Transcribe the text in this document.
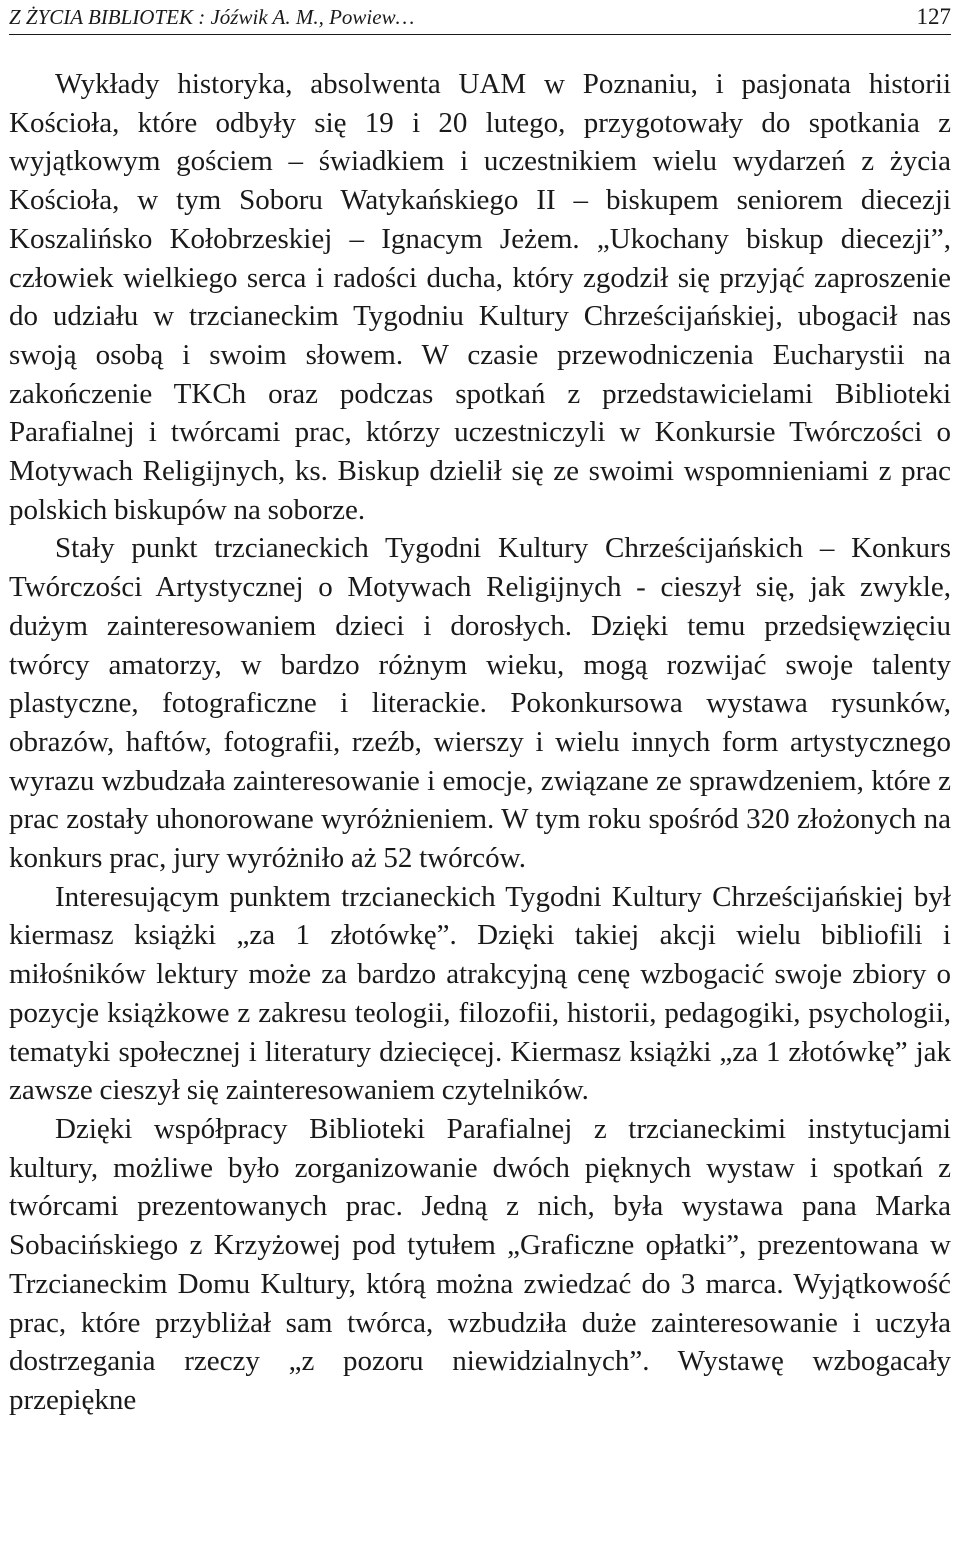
Z ŻYCIA BIBLIOTEK : Jóźwik A. M., Powiew…	127

Wykłady historyka, absolwenta UAM w Poznaniu, i pasjonata historii Kościoła, które odbyły się 19 i 20 lutego, przygotowały do spotkania z wyjątkowym gościem – świadkiem i uczestnikiem wielu wydarzeń z życia Kościoła, w tym Soboru Watykańskiego II – biskupem seniorem diecezji Koszalińsko Kołobrzeskiej – Ignacym Jeżem. „Ukochany biskup diecezji”, człowiek wielkiego serca i radości ducha, który zgodził się przyjąć zaproszenie do udziału w trzcianeckim Tygodniu Kultury Chrześcijańskiej, ubogacił nas swoją osobą i swoim słowem. W czasie przewodniczenia Eucharystii na zakończenie TKCh oraz podczas spotkań z przedstawicielami Biblioteki Parafialnej i twórcami prac, którzy uczestniczyli w Konkursie Twórczości o Motywach Religijnych, ks. Biskup dzielił się ze swoimi wspomnieniami z prac polskich biskupów na soborze.

Stały punkt trzcianeckich Tygodni Kultury Chrześcijańskich – Konkurs Twórczości Artystycznej o Motywach Religijnych - cieszył się, jak zwykle, dużym zainteresowaniem dzieci i dorosłych. Dzięki temu przedsięwzięciu twórcy amatorzy, w bardzo różnym wieku, mogą rozwijać swoje talenty plastyczne, fotograficzne i literackie. Pokonkursowa wystawa rysunków, obrazów, haftów, fotografii, rzeźb, wierszy i wielu innych form artystycznego wyrazu wzbudzała zainteresowanie i emocje, związane ze sprawdzeniem, które z prac zostały uhonorowane wyróżnieniem. W tym roku spośród 320 złożonych na konkurs prac, jury wyróżniło aż 52 twórców.

Interesującym punktem trzcianeckich Tygodni Kultury Chrześcijańskiej był kiermasz książki „za 1 złotówkę”. Dzięki takiej akcji wielu bibliofili i miłośników lektury może za bardzo atrakcyjną cenę wzbogacić swoje zbiory o pozycje książkowe z zakresu teologii, filozofii, historii, pedagogiki, psychologii, tematyki społecznej i literatury dziecięcej. Kiermasz książki „za 1 złotówkę” jak zawsze cieszył się zainteresowaniem czytelników.

Dzięki współpracy Biblioteki Parafialnej z trzcianeckimi instytucjami kultury, możliwe było zorganizowanie dwóch pięknych wystaw i spotkań z twórcami prezentowanych prac. Jedną z nich, była wystawa pana Marka Sobacińskiego z Krzyżowej pod tytułem „Graficzne opłatki”, prezentowana w Trzcianeckim Domu Kultury, którą można zwiedzać do 3 marca. Wyjątkowość prac, które przybliżał sam twórca, wzbudziła duże zainteresowanie i uczyła dostrzegania rzeczy „z pozoru niewidzialnych”. Wystawę wzbogacały przepiękne
